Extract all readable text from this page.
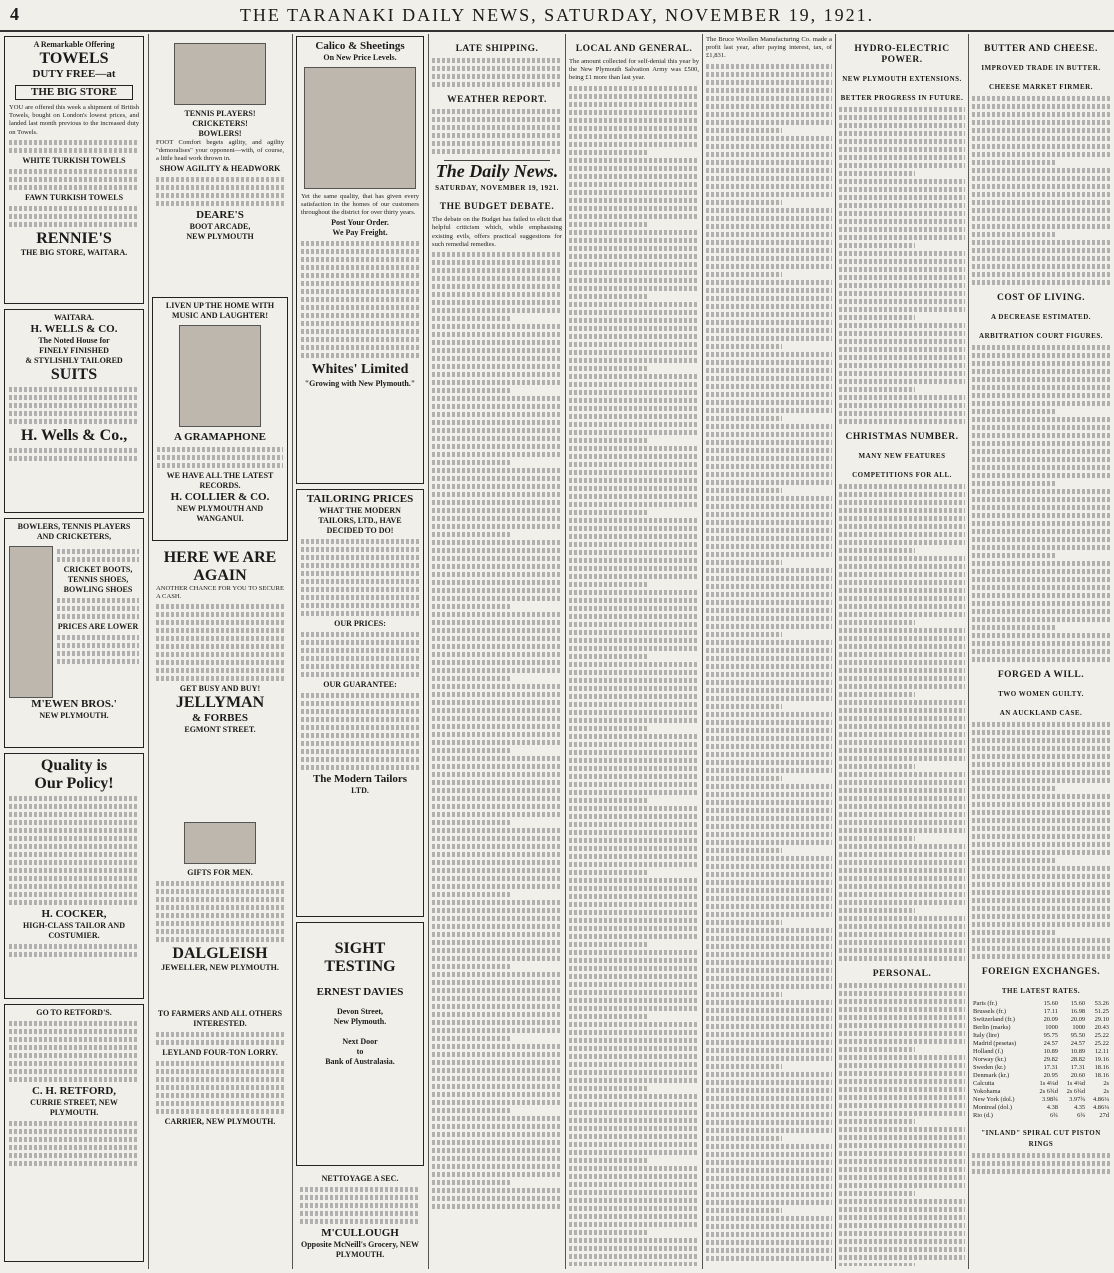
4	THE TARANAKI DAILY NEWS, SATURDAY, NOVEMBER 19, 1921.
A Remarkable Offering
TOWELS
DUTY FREE—at
THE BIG STORE
YOU are offered this week a shipment of British Towels, bought on London's lowest prices, and landed last month previous to the increased duty on Towels.
WHITE TURKISH TOWELS
FAWN TURKISH TOWELS
RENNIE'S
THE BIG STORE, WAITARA.
WAITARA.
H. WELLS & CO.
The Noted House for
FINELY FINISHED
& STYLISHLY TAILORED
SUITS
H. Wells & Co.,
BOWLERS, TENNIS PLAYERS AND CRICKETERS,
CRICKET BOOTS,
TENNIS SHOES,
BOWLING SHOES
PRICES ARE LOWER
M'EWEN BROS.'
NEW PLYMOUTH.
Quality is
Our Policy!
H. COCKER,
HIGH-CLASS TAILOR AND COSTUMIER.
GO TO RETFORD'S.
C. H. RETFORD,
CURRIE STREET, NEW PLYMOUTH.
TENNIS PLAYERS!
CRICKETERS!
BOWLERS!
FOOT Comfort begets agility, and agility "demoralises" your opponent—with, of course, a little head work thrown in.
SHOW AGILITY & HEADWORK
DEARE'S
BOOT ARCADE,
NEW PLYMOUTH
LIVEN UP THE HOME WITH MUSIC AND LAUGHTER!
A GRAMAPHONE
WE HAVE ALL THE LATEST RECORDS.
H. COLLIER & CO.
NEW PLYMOUTH AND WANGANUI.
HERE WE ARE
AGAIN
ANOTHER CHANCE FOR YOU TO SECURE A CASH.
GET BUSY AND BUY!
JELLYMAN
& FORBES
EGMONT STREET.
GIFTS FOR MEN.
DALGLEISH
JEWELLER, NEW PLYMOUTH.
TO FARMERS AND ALL OTHERS INTERESTED.
LEYLAND FOUR-TON LORRY.
CARRIER, NEW PLYMOUTH.
Calico & Sheetings
On New Price Levels.
Yet the same quality, that has given every satisfaction in the homes of our customers throughout the district for over thirty years.
Post Your Order.
We Pay Freight.
Whites' Limited
"Growing with New Plymouth."
TAILORING PRICES
WHAT THE MODERN TAILORS, LTD., HAVE DECIDED TO DO!
OUR PRICES:
OUR GUARANTEE:
The Modern Tailors
LTD.
SIGHT
TESTING
ERNEST DAVIES
Devon Street,
New Plymouth.
Next Door
to
Bank of Australasia.
NETTOYAGE A SEC.
M'CULLOUGH
Opposite McNeill's Grocery, NEW PLYMOUTH.
LATE SHIPPING.
WEATHER REPORT.
The Daily News.
SATURDAY, NOVEMBER 19, 1921.
THE BUDGET DEBATE.
The debate on the Budget has failed to elicit that helpful criticism which, while emphasising existing evils, offers practical suggestions for such remedial remedies.
LOCAL AND GENERAL.
The amount collected for self-denial this year by the New Plymouth Salvation Army was £500, being £1 more than last year.
The Bruce Woollen Manufacturing Co. made a profit last year, after paying interest, tax, of £1,831.
HYDRO-ELECTRIC POWER.
NEW PLYMOUTH EXTENSIONS.
BETTER PROGRESS IN FUTURE.
CHRISTMAS NUMBER.
MANY NEW FEATURES
COMPETITIONS FOR ALL.
PERSONAL.
BUTTER AND CHEESE.
IMPROVED TRADE IN BUTTER.
CHEESE MARKET FIRMER.
COST OF LIVING.
A DECREASE ESTIMATED.
ARBITRATION COURT FIGURES.
FORGED A WILL.
TWO WOMEN GUILTY.
AN AUCKLAND CASE.
FOREIGN EXCHANGES.
THE LATEST RATES.
Paris (fr.)	15.60	15.60	53.26
Brussels (fr.)	17.11	16.98	51.25
Switzerland (fr.)	20.09	20.09	29.10
Berlin (marks)	1000	1000	20.43
Italy (lire)	95.75	95.50	25.22
Madrid (pesetas)	24.57	24.57	25.22
Holland (f.)	10.89	10.89	12.11
Norway (kr.)	29.82	28.82	19.16
Sweden (kr.)	17.31	17.31	18.16
Denmark (kr.)	20.95	20.60	18.16
Calcutta	1s 4¼d	1s 4¼d	2s
Yokohama	2s 6¾d	2s 6¾d	2s
New York (dol.)	3.98¾	3.97¾	4.86¼
Montreal (dol.)	4.38	4.35	4.86¼
Rio (d.)	6¾	6¾	27d
"INLAND" SPIRAL CUT PISTON RINGS
